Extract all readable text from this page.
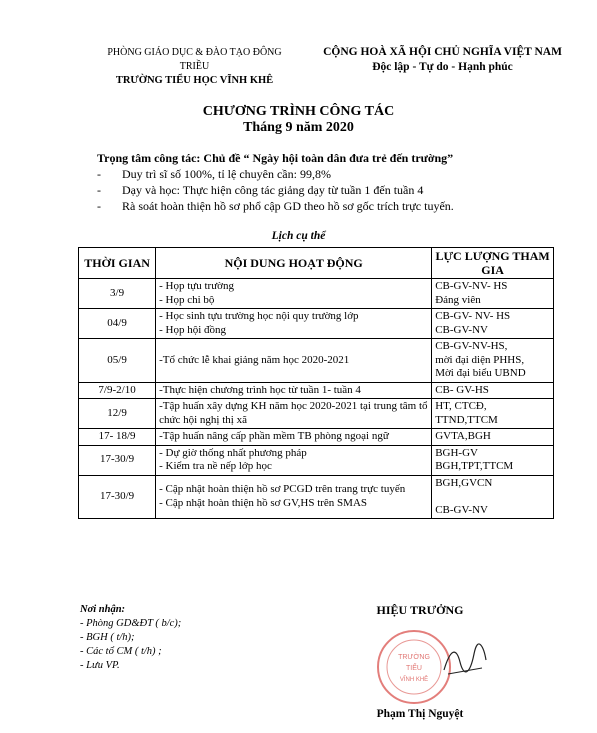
PHÒNG GIÁO DỤC & ĐÀO TẠO ĐÔNG TRIỀU
TRƯỜNG TIỂU HỌC VĨNH KHÊ
CỘNG HOÀ XÃ HỘI CHỦ NGHĨA VIỆT NAM
Độc lập - Tự do - Hạnh phúc
CHƯƠNG TRÌNH CÔNG TÁC
Tháng 9 năm 2020
Trọng tâm công tác: Chủ đề “ Ngày hội toàn dân đưa trẻ đến trường”
- Duy trì sĩ số 100%, tỉ lệ chuyên cần: 99,8%
- Dạy và học: Thực hiện công tác giảng dạy từ tuần 1 đến tuần 4
- Rà soát hoàn thiện hồ sơ phổ cập GD theo hồ sơ gốc trích trực tuyến.
Lịch cụ thể
THỜI GIAN	NỘI DUNG HOẠT ĐỘNG	LỰC LƯỢNG THAM GIA
3/9	- Họp tựu trường
- Họp chi bộ	CB-GV-NV- HS
Đảng viên

04/9	- Học sinh tựu trường học nội quy trường lớp
- Họp hội đồng	CB-GV- NV- HS
CB-GV-NV

05/9	-Tổ chức lễ khai giảng năm học 2020-2021	CB-GV-NV-HS,
mời đại diện PHHS,
Mời đại biểu UBND

7/9-2/10	-Thực hiện chương trình học từ tuần 1- tuần 4	CB- GV-HS

12/9	-Tập huấn xây dựng KH năm học 2020-2021 tại trung tâm tổ chức hội nghị thị xã	HT, CTCĐ,
TTND,TTCM

17- 18/9	-Tập huấn nâng cấp phần mềm TB phòng ngoại ngữ	GVTA,BGH

17-30/9	- Dự giờ thống nhất phương pháp
- Kiểm tra nề nếp lớp học	BGH-GV
BGH,TPT,TTCM

17-30/9	- Cập nhật hoàn thiện hồ sơ PCGD trên trang trực tuyến
- Cập nhật hoàn thiện hồ sơ GV,HS trên SMAS	BGH,GVCN

CB-GV-NV
Nơi nhận:
- Phòng GD&ĐT ( b/c);
- BGH ( t/h);
- Các tổ CM ( t/h) ;
- Lưu VP.
HIỆU TRƯỞNG
TRƯỜNG
TIỂU
VĨNH KHÊ
Phạm Thị Nguyệt
